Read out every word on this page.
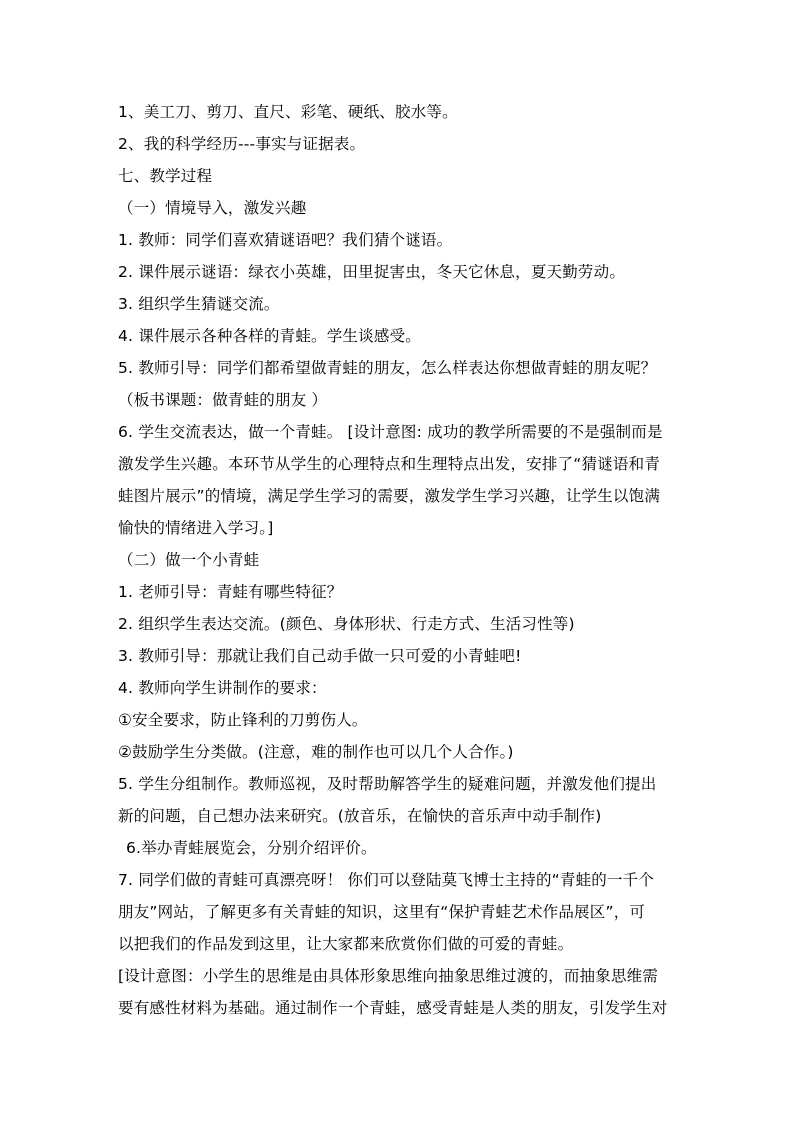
1、美工刀、剪刀、直尺、彩笔、硬纸、胶水等。
2、我的科学经历---事实与证据表。
七、教学过程
（一）情境导入，激发兴趣
1. 教师：同学们喜欢猜谜语吧？我们猜个谜语。
2. 课件展示谜语：绿衣小英雄，田里捉害虫，冬天它休息，夏天勤劳动。
3. 组织学生猜谜交流。
4. 课件展示各种各样的青蛙。学生谈感受。
5. 教师引导：同学们都希望做青蛙的朋友，怎么样表达你想做青蛙的朋友呢？
（板书课题：做青蛙的朋友 ）
6. 学生交流表达，做一个青蛙。 [设计意图: 成功的教学所需要的不是强制而是
激发学生兴趣。本环节从学生的心理特点和生理特点出发，安排了“猜谜语和青
蛙图片展示”的情境，满足学生学习的需要，激发学生学习兴趣，让学生以饱满
愉快的情绪进入学习。]
（二）做一个小青蛙
1. 老师引导：青蛙有哪些特征？
2. 组织学生表达交流。(颜色、身体形状、行走方式、生活习性等)
3. 教师引导：那就让我们自己动手做一只可爱的小青蛙吧!
4. 教师向学生讲制作的要求：
①安全要求，防止锋利的刀剪伤人。
②鼓励学生分类做。(注意，难的制作也可以几个人合作。)
5. 学生分组制作。教师巡视，及时帮助解答学生的疑难问题，并激发他们提出
新的问题，自己想办法来研究。(放音乐，在愉快的音乐声中动手制作)
6.举办青蛙展览会，分别介绍评价。
7. 同学们做的青蛙可真漂亮呀！ 你们可以登陆莫飞博士主持的“青蛙的一千个
朋友”网站，了解更多有关青蛙的知识，这里有“保护青蛙艺术作品展区”，可
以把我们的作品发到这里，让大家都来欣赏你们做的可爱的青蛙。
[设计意图：小学生的思维是由具体形象思维向抽象思维过渡的，而抽象思维需
要有感性材料为基础。通过制作一个青蛙，感受青蛙是人类的朋友，引发学生对
